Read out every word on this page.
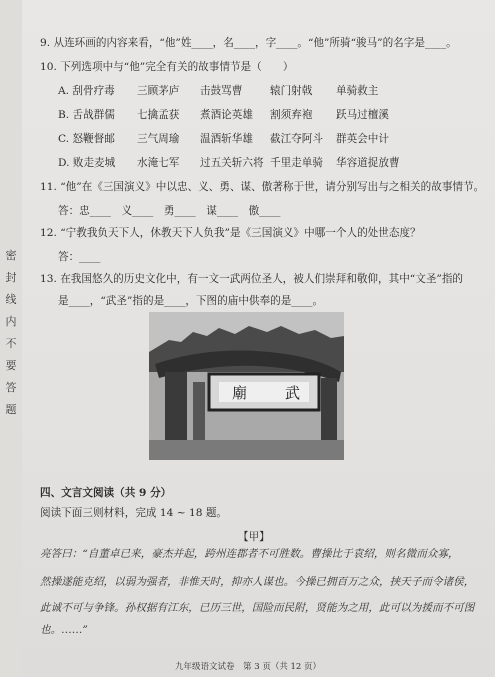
密
封
线
内
不
要
答
题
9. 从连环画的内容来看，“他”姓____，名____，字____。“他”所骑“骏马”的名字是____。
10. 下列选项中与“他”完全有关的故事情节是（　　）
A. 刮骨疗毒 三顾茅庐 击鼓骂曹	辕门射戟 单骑救主
B. 舌战群儒 七擒孟获 煮酒论英雄 割须弃袍 跃马过檀溪
C. 怒鞭督邮 三气周瑜 温酒斩华雄 截江夺阿斗 群英会中计
D. 败走麦城 水淹七军 过五关斩六将 千里走单骑 华容道捉放曹
11. “他”在《三国演义》中以忠、义、勇、谋、傲著称于世，请分别写出与之相关的故事情节。
答：忠____　义____　勇____　谋____　傲____
12. “宁教我负天下人，休教天下人负我”是《三国演义》中哪一个人的处世态度？
答：____
13. 在我国悠久的历史文化中，有一文一武两位圣人，被人们崇拜和敬仰，其中“文圣”指的
是____，“武圣”指的是____，下图的庙中供奉的是____。
廟	武
四、文言文阅读（共 9 分）
阅读下面三则材料，完成 14 ~ 18 题。
【甲】
亮答曰：“自董卓已来，豪杰并起，跨州连郡者不可胜数。曹操比于袁绍，则名微而众寡，
然操遂能克绍，以弱为强者，非惟天时，抑亦人谋也。今操已拥百万之众，挟天子而令诸侯，
此诚不可与争锋。孙权据有江东，已历三世，国险而民附，贤能为之用，此可以为援而不可图
也。……”
九年级语文试卷　第 3 页（共 12 页）
